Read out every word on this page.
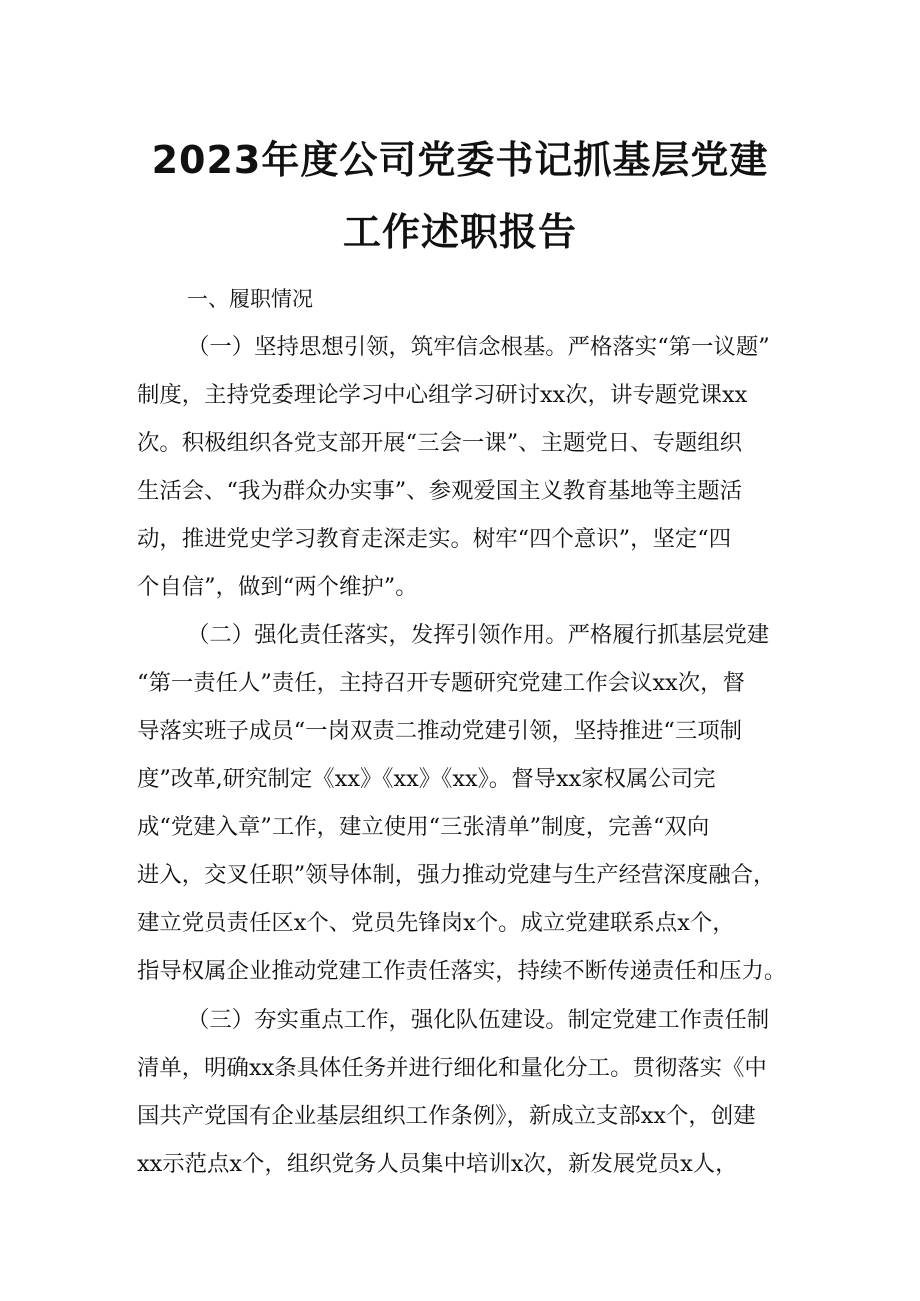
2023年度公司党委书记抓基层党建
工作述职报告
一、履职情况
（一）坚持思想引领，筑牢信念根基。严格落实“第一议题”
制度，主持党委理论学习中心组学习研讨xx次，讲专题党课xx
次。积极组织各党支部开展“三会一课”、主题党日、专题组织
生活会、“我为群众办实事”、参观爱国主义教育基地等主题活
动，推进党史学习教育走深走实。树牢“四个意识”，坚定“四
个自信”，做到“两个维护”。
（二）强化责任落实，发挥引领作用。严格履行抓基层党建
“第一责任人”责任，主持召开专题研究党建工作会议xx次，督
导落实班子成员“一岗双责二推动党建引领，坚持推进“三项制
度”改革,研究制定《xx》《xx》《xx》。督导xx家权属公司完
成“党建入章”工作，建立使用“三张清单”制度，完善“双向
进入，交叉任职”领导体制，强力推动党建与生产经营深度融合，
建立党员责任区x个、党员先锋岗x个。成立党建联系点x个，
指导权属企业推动党建工作责任落实，持续不断传递责任和压力。
（三）夯实重点工作，强化队伍建设。制定党建工作责任制
清单，明确xx条具体任务并进行细化和量化分工。贯彻落实《中
国共产党国有企业基层组织工作条例》，新成立支部xx个，创建
xx示范点x个，组织党务人员集中培训x次，新发展党员x人，
